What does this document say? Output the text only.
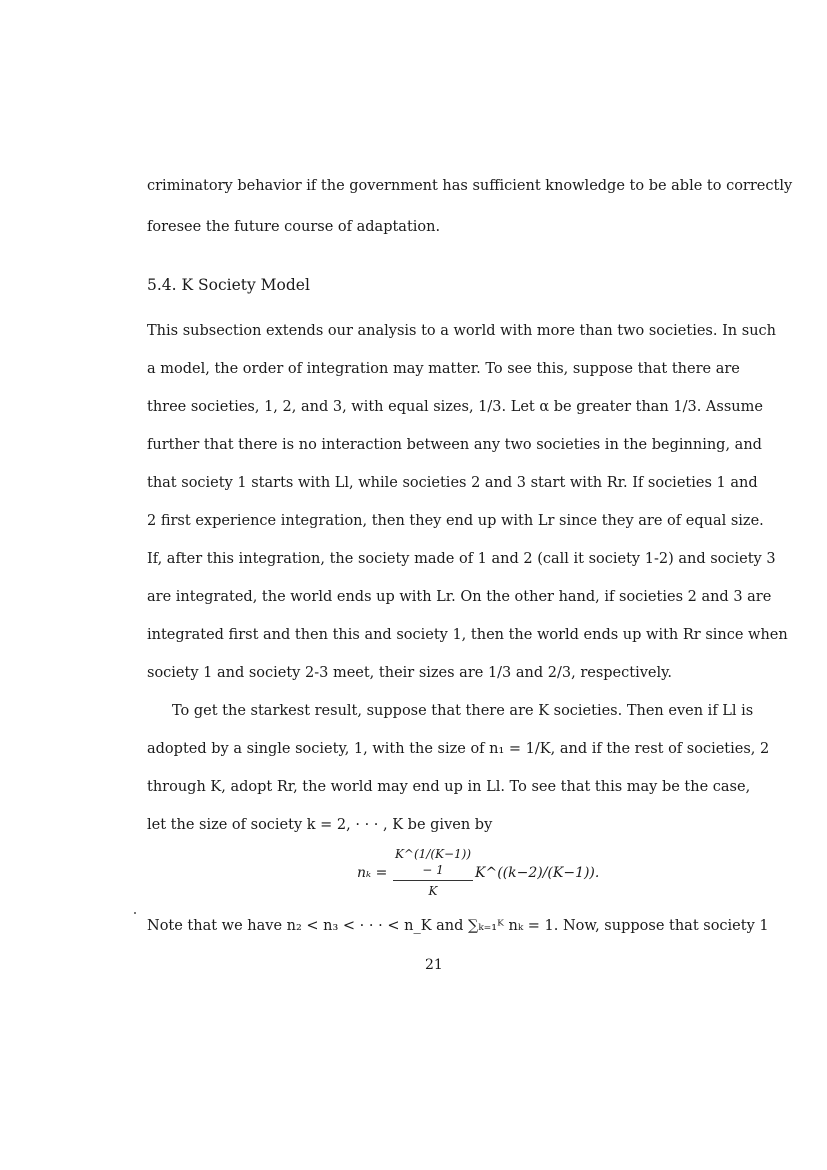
criminatory behavior if the government has sufficient knowledge to be able to correctly
foresee the future course of adaptation.
5.4. K Society Model
This subsection extends our analysis to a world with more than two societies. In such
a model, the order of integration may matter. To see this, suppose that there are
three societies, 1, 2, and 3, with equal sizes, 1/3. Let α be greater than 1/3. Assume
further that there is no interaction between any two societies in the beginning, and
that society 1 starts with Ll, while societies 2 and 3 start with Rr. If societies 1 and
2 first experience integration, then they end up with Lr since they are of equal size.
If, after this integration, the society made of 1 and 2 (call it society 1-2) and society 3
are integrated, the world ends up with Lr. On the other hand, if societies 2 and 3 are
integrated first and then this and society 1, then the world ends up with Rr since when
society 1 and society 2-3 meet, their sizes are 1/3 and 2/3, respectively.
To get the starkest result, suppose that there are K societies. Then even if Ll is
adopted by a single society, 1, with the size of n₁ = 1/K, and if the rest of societies, 2
through K, adopt Rr, the world may end up in Ll. To see that this may be the case,
let the size of society k = 2, · · · , K be given by
nₖ =
K^(1/(K−1)) − 1
K
K^((k−2)/(K−1)).
Note that we have n₂ < n₃ < · · · < n_K and ∑ₖ₌₁ᴷ nₖ = 1. Now, suppose that society 1
21
